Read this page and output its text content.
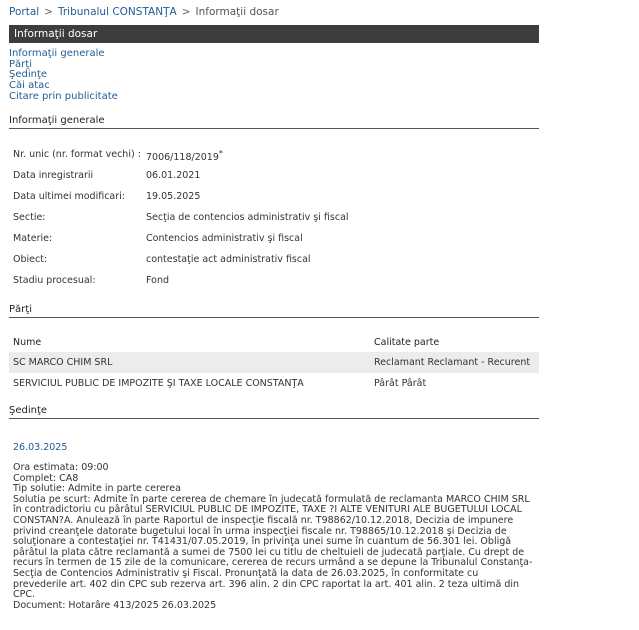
Portal > Tribunalul CONSTANŢA > Informaţii dosar
Informaţii dosar
Informaţii generale
Părţi
Şedinţe
Căi atac
Citare prin publicitate
Informaţii generale
Nr. unic (nr. format vechi) : 7006/118/2019*
Data inregistrarii	06.01.2021
Data ultimei modificari:	19.05.2025
Sectie:	Secţia de contencios administrativ şi fiscal
Materie:	Contencios administrativ şi fiscal
Obiect:	contestaţie act administrativ fiscal
Stadiu procesual:	Fond
Părţi
Nume	Calitate parte
SC MARCO CHIM SRL	Reclamant Reclamant - Recurent
SERVICIUL PUBLIC DE IMPOZITE ŞI TAXE LOCALE CONSTANŢA	Pârât Pârât
Şedinţe
26.03.2025
Ora estimata: 09:00
Complet: CA8
Tip solutie: Admite in parte cererea
Solutia pe scurt: Admite în parte cererea de chemare în judecată formulată de reclamanta MARCO CHIM SRL în contradictoriu cu pârâtul SERVICIUL PUBLIC DE IMPOZITE, TAXE ?I ALTE VENITURI ALE BUGETULUI LOCAL CONSTAN?A. Anulează în parte Raportul de inspecţie fiscală nr. T98862/10.12.2018, Decizia de impunere privind creanţele datorate bugetului local în urma inspecţiei fiscale nr. T98865/10.12.2018 şi Decizia de soluţionare a contestaţiei nr. T41431/07.05.2019, în privinţa unei sume în cuantum de 56.301 lei. Obligă pârâtul la plata către reclamantă a sumei de 7500 lei cu titlu de cheltuieli de judecată parţiale. Cu drept de recurs în termen de 15 zile de la comunicare, cererea de recurs urmând a se depune la Tribunalul Constanţa-Secţia de Contencios Administrativ şi Fiscal. Pronunţată la data de 26.03.2025, în conformitate cu prevederile art. 402 din CPC sub rezerva art. 396 alin. 2 din CPC raportat la art. 401 alin. 2 teza ultimă din CPC.
Document: Hotarâre 413/2025 26.03.2025
